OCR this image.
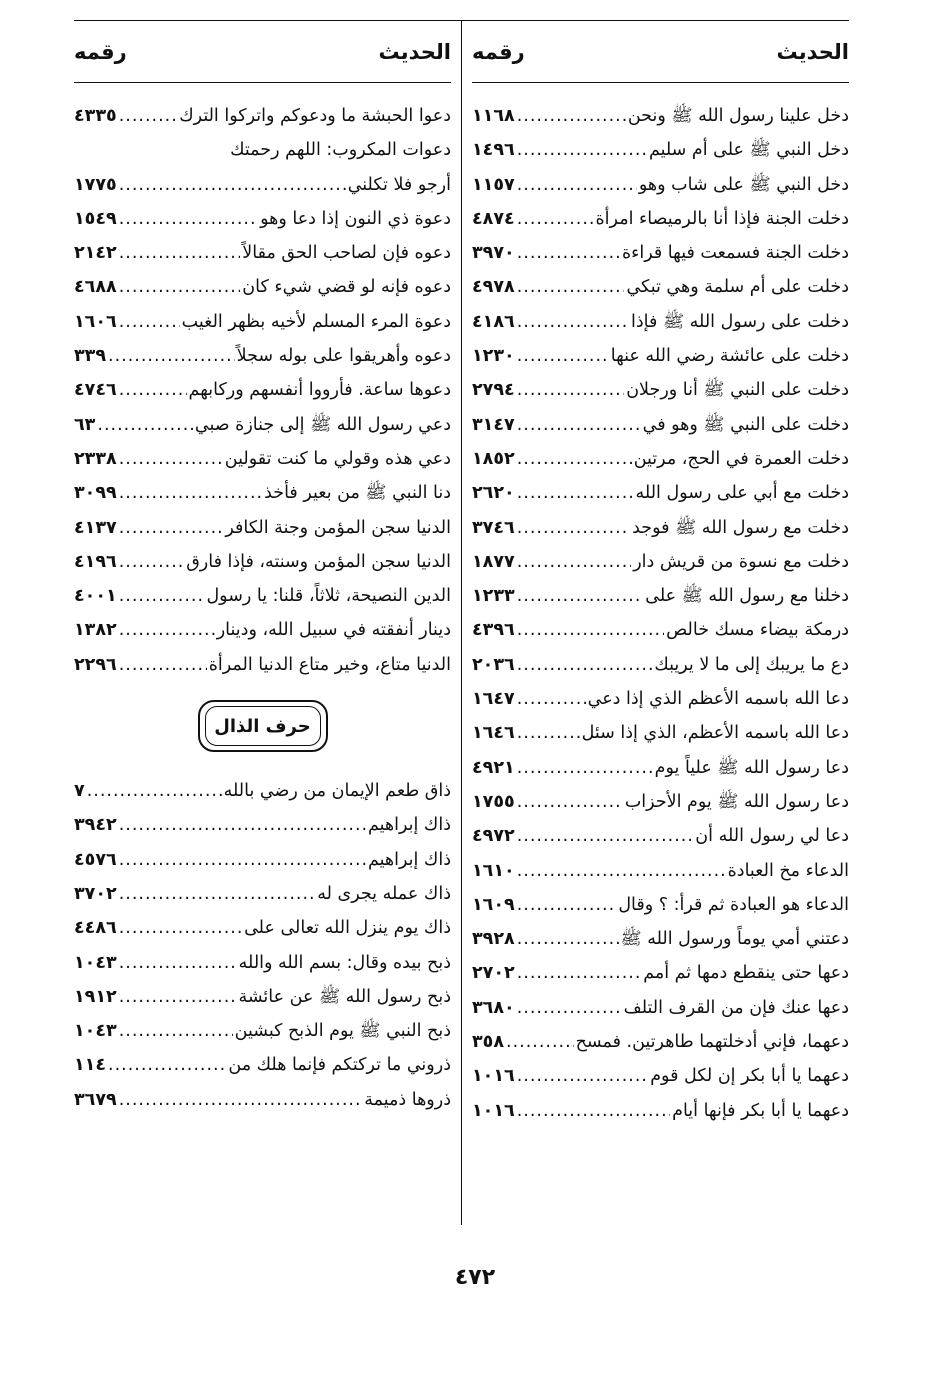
الحديث
رقمه
دخل علينا رسول الله ﷺ ونحن
.....
١١٦٨
دخل النبي ﷺ على أم سليم
.....
١٤٩٦
دخل النبي ﷺ على شاب وهو
.....
١١٥٧
دخلت الجنة فإذا أنا بالرميصاء امرأة
.....
٤٨٧٤
دخلت الجنة فسمعت فيها قراءة
.....
٣٩٧٠
دخلت على أم سلمة وهي تبكي
.....
٤٩٧٨
دخلت على رسول الله ﷺ فإذا
.....
٤١٨٦
دخلت على عائشة رضي الله عنها
.....
١٢٣٠
دخلت على النبي ﷺ أنا ورجلان
.....
٢٧٩٤
دخلت على النبي ﷺ وهو في
.....
٣١٤٧
دخلت العمرة في الحج، مرتين
.....
١٨٥٢
دخلت مع أبي على رسول الله
.....
٢٦٢٠
دخلت مع رسول الله ﷺ فوجد
.....
٣٧٤٦
دخلت مع نسوة من قريش دار
.....
١٨٧٧
دخلنا مع رسول الله ﷺ على
.....
١٢٣٣
درمكة بيضاء مسك خالص
.....
٤٣٩٦
دع ما يريبك إلى ما لا يريبك
.....
٢٠٣٦
دعا الله باسمه الأعظم الذي إذا دعي
.....
١٦٤٧
دعا الله باسمه الأعظم، الذي إذا سئل
.....
١٦٤٦
دعا رسول الله ﷺ علياً يوم
.....
٤٩٢١
دعا رسول الله ﷺ يوم الأحزاب
.....
١٧٥٥
دعا لي رسول الله أن
.....
٤٩٧٢
الدعاء مخ العبادة
.....
١٦١٠
الدعاء هو العبادة ثم قرأ: ؟ وقال
.....
١٦٠٩
دعتني أمي يوماً ورسول الله ﷺ
.....
٣٩٢٨
دعها حتى ينقطع دمها ثم أمم
.....
٢٧٠٢
دعها عنك فإن من القرف التلف
.....
٣٦٨٠
دعهما، فإني أدخلتهما طاهرتين. فمسح
.....
٣٥٨
دعهما يا أبا بكر إن لكل قوم
.....
١٠١٦
دعهما يا أبا بكر فإنها أيام
.....
١٠١٦
الحديث
رقمه
دعوا الحبشة ما ودعوكم واتركوا الترك
.....
٤٣٣٥
دعوات المكروب: اللهم رحمتك
أرجو فلا تكلني
.....
١٧٧٥
دعوة ذي النون إذا دعا وهو
.....
١٥٤٩
دعوه فإن لصاحب الحق مقالاً
.....
٢١٤٢
دعوه فإنه لو قضي شيء كان
.....
٤٦٨٨
دعوة المرء المسلم لأخيه بظهر الغيب
.....
١٦٠٦
دعوه وأهريقوا على بوله سجلاً
.....
٣٣٩
دعوها ساعة. فأرووا أنفسهم وركابهم
.....
٤٧٤٦
دعي رسول الله ﷺ إلى جنازة صبي
.....
٦٣
دعي هذه وقولي ما كنت تقولين
.....
٢٣٣٨
دنا النبي ﷺ من بعير فأخذ
.....
٣٠٩٩
الدنيا سجن المؤمن وجنة الكافر
.....
٤١٣٧
الدنيا سجن المؤمن وسنته، فإذا فارق
.....
٤١٩٦
الدين النصيحة، ثلاثاً، قلنا: يا رسول
.....
٤٠٠١
دينار أنفقته في سبيل الله، ودينار
.....
١٣٨٢
الدنيا متاع، وخير متاع الدنيا المرأة
.....
٢٢٩٦
حرف الذال
ذاق طعم الإيمان من رضي بالله
.....
٧
ذاك إبراهيم
.....
٣٩٤٢
ذاك إبراهيم
.....
٤٥٧٦
ذاك عمله يجرى له
.....
٣٧٠٢
ذاك يوم ينزل الله تعالى على
.....
٤٤٨٦
ذبح بيده وقال: بسم الله والله
.....
١٠٤٣
ذبح رسول الله ﷺ عن عائشة
.....
١٩١٢
ذبح النبي ﷺ يوم الذبح كبشين
.....
١٠٤٣
ذروني ما تركتكم فإنما هلك من
.....
١١٤
ذروها ذميمة
.....
٣٦٧٩
٤٧٢
